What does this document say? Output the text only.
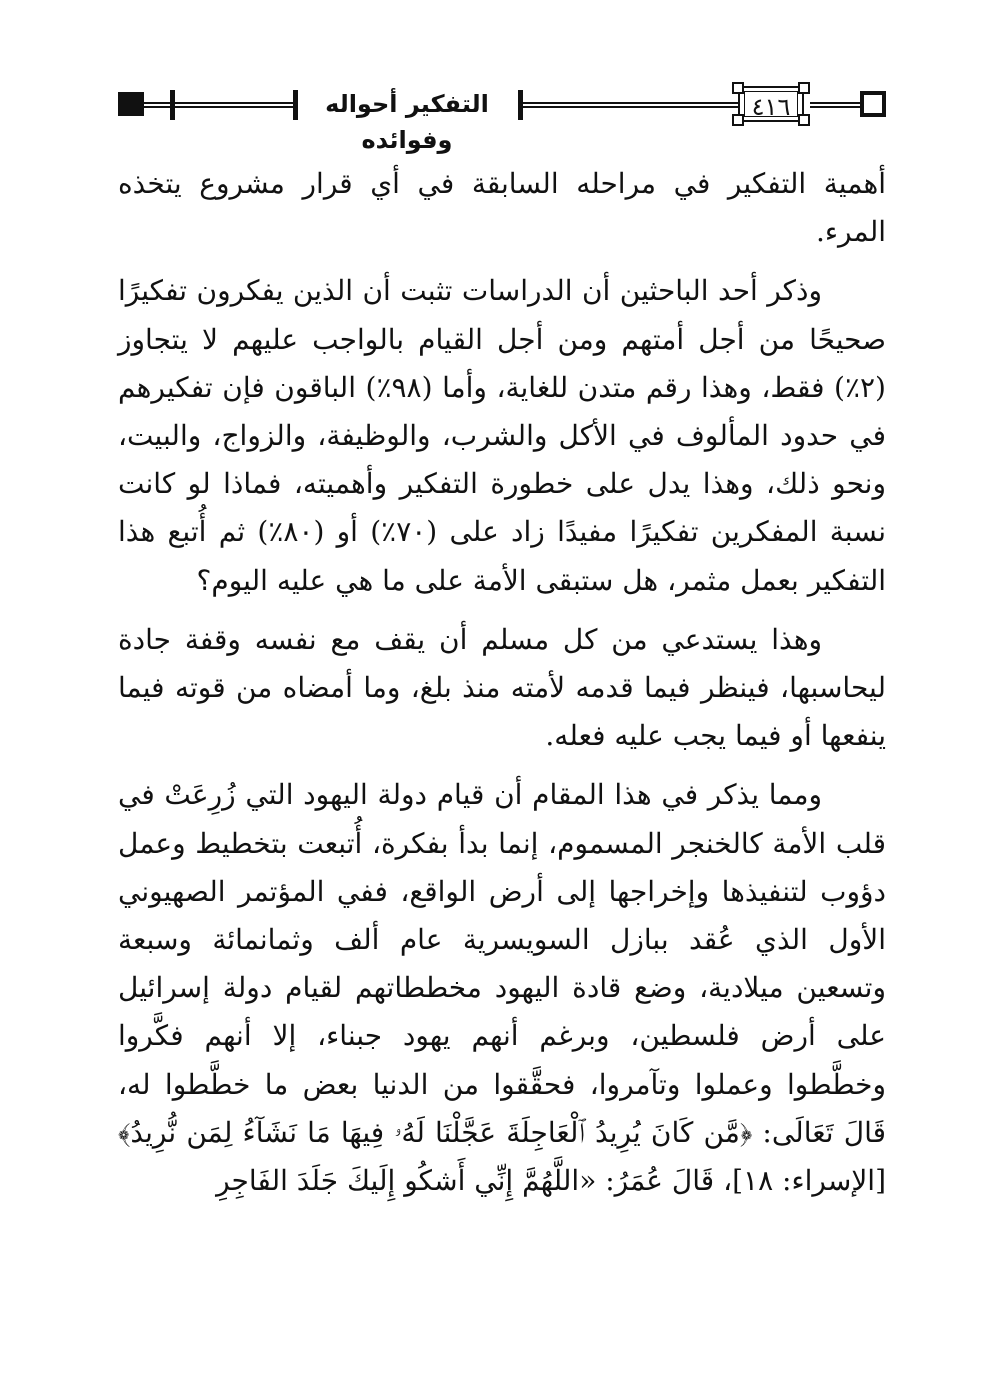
التفكير أحواله وفوائده
٤١٦

أهمية التفكير في مراحله السابقة في أي قرار مشروع يتخذه المرء.

وذكر أحد الباحثين أن الدراسات تثبت أن الذين يفكرون تفكيرًا صحيحًا من أجل أمتهم ومن أجل القيام بالواجب عليهم لا يتجاوز (٢٪) فقط، وهذا رقم متدن للغاية، وأما (٩٨٪) الباقون فإن تفكيرهم في حدود المألوف في الأكل والشرب، والوظيفة، والزواج، والبيت، ونحو ذلك، وهذا يدل على خطورة التفكير وأهميته، فماذا لو كانت نسبة المفكرين تفكيرًا مفيدًا زاد على (٧٠٪) أو (٨٠٪) ثم أُتبع هذا التفكير بعمل مثمر، هل ستبقى الأمة على ما هي عليه اليوم؟

وهذا يستدعي من كل مسلم أن يقف مع نفسه وقفة جادة ليحاسبها، فينظر فيما قدمه لأمته منذ بلغ، وما أمضاه من قوته فيما ينفعها أو فيما يجب عليه فعله.

ومما يذكر في هذا المقام أن قيام دولة اليهود التي زُرِعَتْ في قلب الأمة كالخنجر المسموم، إنما بدأ بفكرة، أُتبعت بتخطيط وعمل دؤوب لتنفيذها وإخراجها إلى أرض الواقع، ففي المؤتمر الصهيوني الأول الذي عُقد ببازل السويسرية عام ألف وثمانمائة وسبعة وتسعين ميلادية، وضع قادة اليهود مخططاتهم لقيام دولة إسرائيل على أرض فلسطين، وبرغم أنهم يهود جبناء، إلا أنهم فكَّروا وخطَّطوا وعملوا وتآمروا، فحقَّقوا من الدنيا بعض ما خطَّطوا له، قَالَ تَعَالَى: ﴿مَّن كَانَ يُرِيدُ ٱلْعَاجِلَةَ عَجَّلْنَا لَهُۥ فِيهَا مَا نَشَآءُ لِمَن نُّرِيدُ﴾ [الإسراء: ١٨]، قَالَ عُمَرُ: «اللَّهُمَّ إِنِّي أَشكُو إِلَيكَ جَلَدَ الفَاجِرِ
